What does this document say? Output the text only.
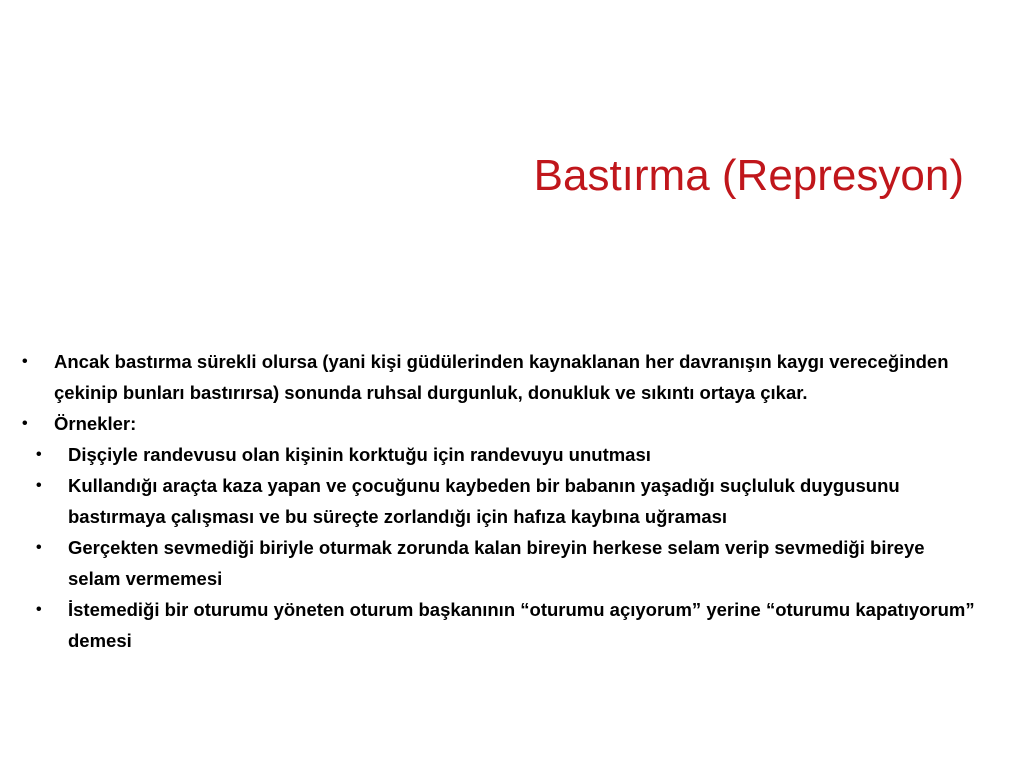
Bastırma (Represyon)
• Ancak bastırma sürekli olursa (yani kişi güdülerinden kaynaklanan her davranışın kaygı vereceğinden çekinip bunları bastırırsa) sonunda ruhsal durgunluk, donukluk ve sıkıntı ortaya çıkar.
• Örnekler:
• Dişçiyle randevusu olan kişinin korktuğu için randevuyu unutması
• Kullandığı araçta kaza yapan ve çocuğunu kaybeden bir babanın yaşadığı suçluluk duygusunu bastırmaya çalışması ve bu süreçte zorlandığı için hafıza kaybına uğraması
• Gerçekten sevmediği biriyle oturmak zorunda kalan bireyin herkese selam verip sevmediği bireye selam vermemesi
• İstemediği bir oturumu yöneten oturum başkanının “oturumu açıyorum” yerine “oturumu kapatıyorum” demesi
